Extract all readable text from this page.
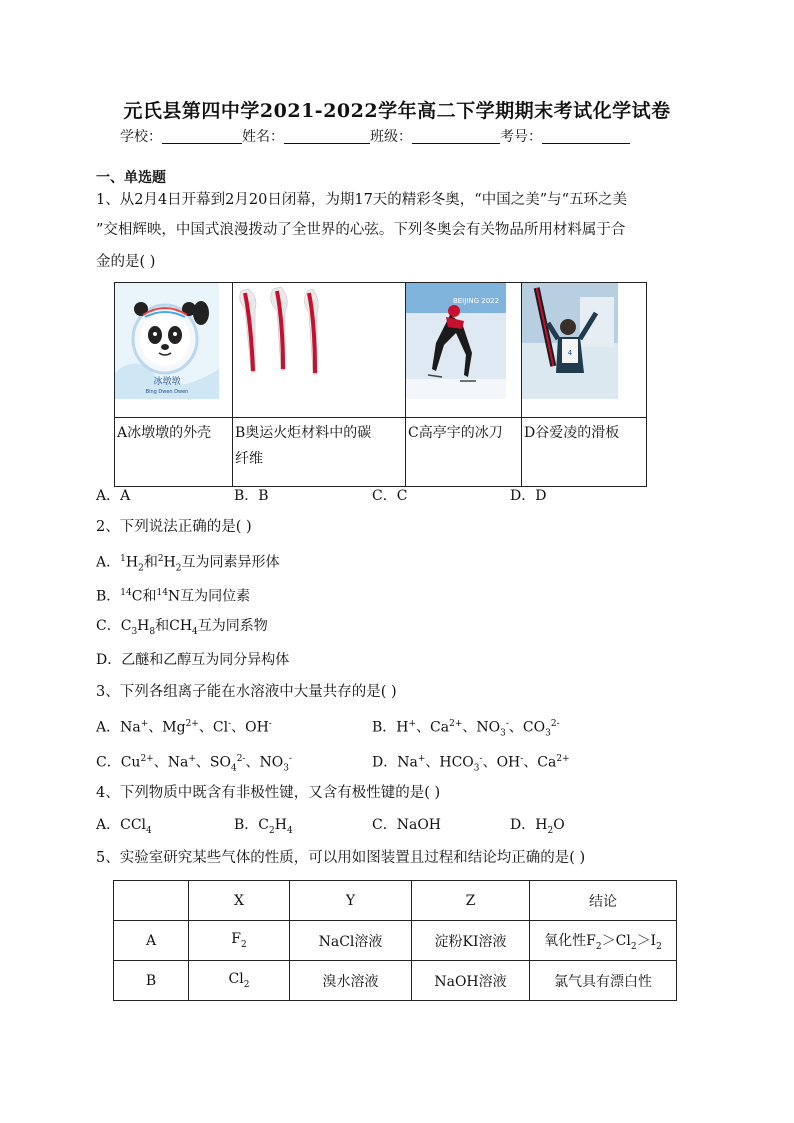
元氏县第四中学2021-2022学年高二下学期期末考试化学试卷
学校：	姓名：	班级：	考号：
一、单选题
1、从2月4日开幕到2月20日闭幕，为期17天的精彩冬奥，“中国之美”与“五环之美
”交相辉映，中国式浪漫拨动了全世界的心弦。下列冬奥会有关物品所用材料属于合
金的是( )
冰墩墩
Bing Dwen Dwen		BEIJING 2022	4

A冰墩墩的外壳	B奥运火炬材料中的碳
纤维	C高亭宇的冰刀	D谷爱凌的滑板
A．A	B．B	C．C	D．D
2、下列说法正确的是( )
A．$^1H_2$和$^2H_2$互为同素异形体
B．$^{14}$C和$^{14}$N互为同位素
C．$C_3H_8$和$CH_4$互为同系物
D．乙醚和乙醇互为同分异构体
3、下列各组离子能在水溶液中大量共存的是( )
A．Na+、$Mg^{2+}$、Cl-、OH-	B．H+、$Ca^{2+}$、$NO_3^-$、$CO_3^{2-}$
C．$Cu^{2+}$、Na+、$SO_4^{2-}$、$NO_3^-$	D．Na+、$HCO_3^-$、OH-、$Ca^{2+}$
4、下列物质中既含有非极性键，又含有极性键的是( )
A．CCl$_4$	B．$C_2H_4$	C．NaOH	D．$H_2O$
5、实验室研究某些气体的性质，可以用如图装置且过程和结论均正确的是( )
	X	Y	Z	结论
A	$F_2$	NaCl溶液	淀粉KI溶液	氧化性$F_2>Cl_2>I_2$
B	$Cl_2$	溴水溶液	NaOH溶液	氯气具有漂白性
